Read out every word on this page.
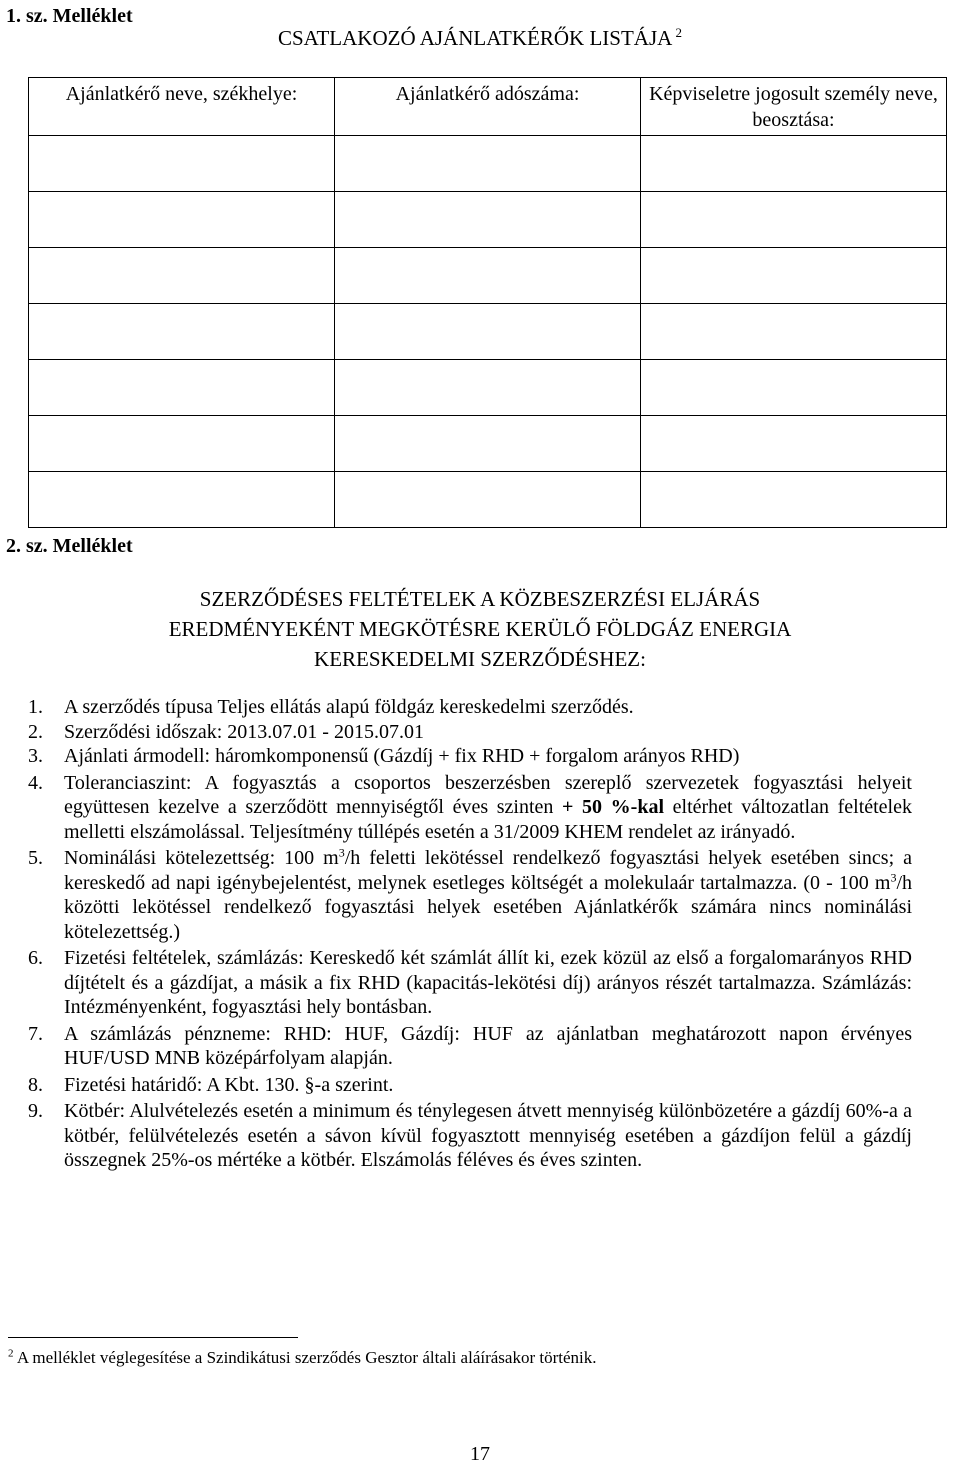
1. sz. Melléklet
CSATLAKOZÓ AJÁNLATKÉRŐK LISTÁJA $^2$
Ajánlatkérő neve, székhelye:	Ajánlatkérő adószáma:	Képviseletre jogosult személy neve, beosztása:

2. sz. Melléklet
SZERZŐDÉSES FELTÉTELEK A KÖZBESZERZÉSI ELJÁRÁS
EREDMÉNYEKÉNT MEGKÖTÉSRE KERÜLŐ FÖLDGÁZ ENERGIA
KERESKEDELMI SZERZŐDÉSHEZ:
1.	A szerződés típusa Teljes ellátás alapú földgáz kereskedelmi szerződés.
2.	Szerződési időszak: 2013.07.01 - 2015.07.01
3.	Ajánlati ármodell: háromkomponensű (Gázdíj + fix RHD + forgalom arányos RHD)
4.	Toleranciaszint: A fogyasztás a csoportos beszerzésben szereplő szervezetek fogyasztási helyeit együttesen kezelve a szerződött mennyiségtől éves szinten + 50 %-kal eltérhet változatlan feltételek melletti elszámolással. Teljesítmény túllépés esetén a 31/2009 KHEM rendelet az irányadó.
5.	Nominálási kötelezettség: 100 $m^3/h$ feletti lekötéssel rendelkező fogyasztási helyek esetében sincs; a kereskedő ad napi igénybejelentést, melynek esetleges költségét a molekulaár tartalmazza. (0 - 100 $m^3/h$ közötti lekötéssel rendelkező fogyasztási helyek esetében Ajánlatkérők számára nincs nominálási kötelezettség.)
6.	Fizetési feltételek, számlázás: Kereskedő két számlát állít ki, ezek közül az első a forgalomarányos RHD díjtételt és a gázdíjat, a másik a fix RHD (kapacitás-lekötési díj) arányos részét tartalmazza. Számlázás: Intézményenként, fogyasztási hely bontásban.
7.	A számlázás pénzneme: RHD: HUF, Gázdíj: HUF az ajánlatban meghatározott napon érvényes HUF/USD MNB középárfolyam alapján.
8.	Fizetési határidő: A Kbt. 130. §-a szerint.
9.	Kötbér: Alulvételezés esetén a minimum és ténylegesen átvett mennyiség különbözetére a gázdíj 60%-a a kötbér, felülvételezés esetén a sávon kívül fogyasztott mennyiség esetében a gázdíjon felül a gázdíj összegnek 25%-os mértéke a kötbér. Elszámolás féléves és éves szinten.
$^2$ A melléklet véglegesítése a Szindikátusi szerződés Gesztor általi aláírásakor történik.
17
